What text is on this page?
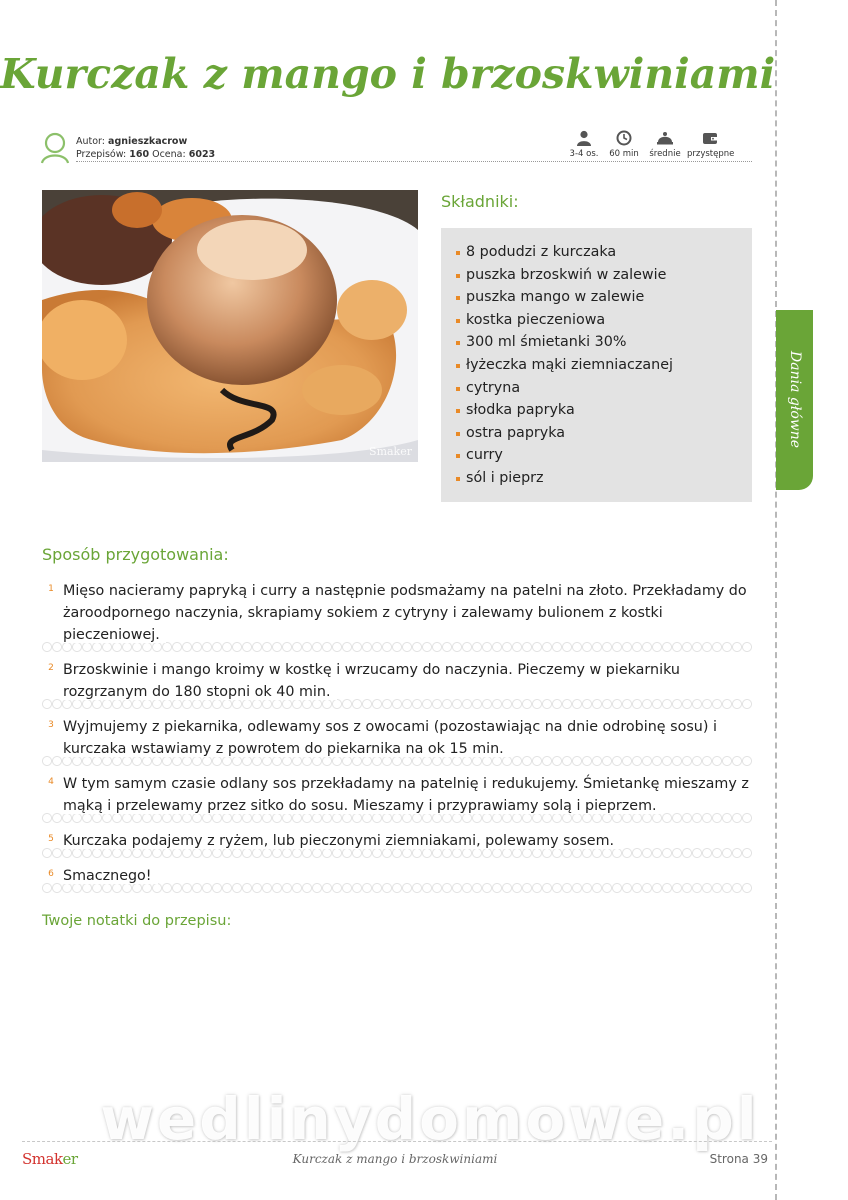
Kurczak z mango i brzoskwiniami
Autor: agnieszkacrow
Przepisów: 160 Ocena: 6023	3-4 os.	60 min	średnie przystępne
Smaker
Składniki:
8 podudzi z kurczaka
puszka brzoskwiń w zalewie
puszka mango w zalewie
kostka pieczeniowa
300 ml śmietanki 30%
łyżeczka mąki ziemniaczanej
cytryna
słodka papryka
ostra papryka
curry
sól i pieprz
Sposób przygotowania:
1 Mięso nacieramy papryką i curry a następnie podsmażamy na patelni na złoto. Przekładamy do żaroodpornego naczynia, skrapiamy sokiem z cytryny i zalewamy bulionem z kostki pieczeniowej.
2 Brzoskwinie i mango kroimy w kostkę i wrzucamy do naczynia. Pieczemy w piekarniku rozgrzanym do 180 stopni ok 40 min.
3 Wyjmujemy z piekarnika, odlewamy sos z owocami (pozostawiając na dnie odrobinę sosu) i kurczaka wstawiamy z powrotem do piekarnika na ok 15 min.
4 W tym samym czasie odlany sos przekładamy na patelnię i redukujemy. Śmietankę mieszamy z mąką i przelewamy przez sitko do sosu. Mieszamy i przyprawiamy solą i pieprzem.
5 Kurczaka podajemy z ryżem, lub pieczonymi ziemniakami, polewamy sosem.
6 Smacznego!
Twoje notatki do przepisu:
Dania główne
wedlinydomowe.pl
Smaker	Kurczak z mango i brzoskwiniami	Strona 39
